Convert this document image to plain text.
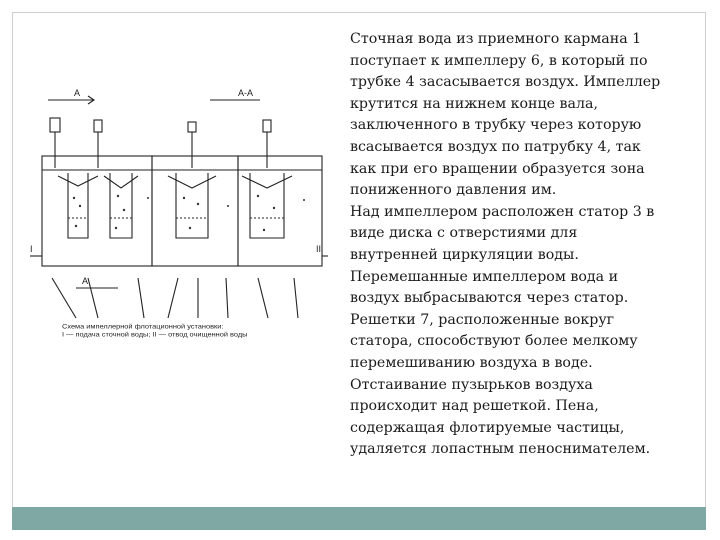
А	А-А
А
I	II
Схема импеллерной флотационной установки:
I — подача сточной воды; II — отвод очищенной воды

Сточная вода из приемного кармана 1
поступает к импеллеру 6, в который по
трубке 4 засасывается воздух. Импеллер
крутится на нижнем конце вала,
заключенного в трубку через которую
всасывается воздух по патрубку 4, так
как при его вращении образуется зона
пониженного давления им.
Над импеллером расположен статор 3 в
виде диска с отверстиями для
внутренней циркуляции воды.
Перемешанные импеллером вода и
воздух выбрасываются через статор.
Решетки 7, расположенные вокруг
статора, способствуют более мелкому
перемешиванию воздуха в воде.
Отстаивание пузырьков воздуха
происходит над решеткой. Пена,
содержащая флотируемые частицы,
удаляется лопастным пеноснимателем.
